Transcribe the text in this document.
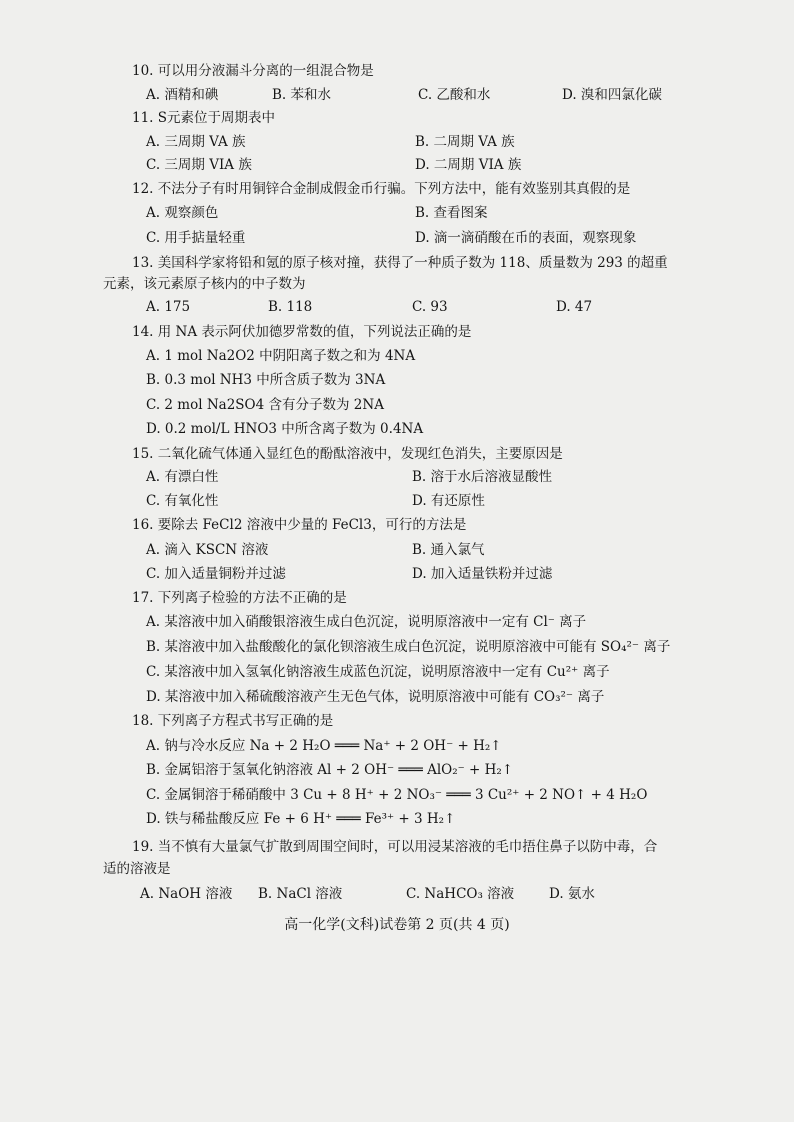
10. 可以用分液漏斗分离的一组混合物是
A. 酒精和碘	B. 苯和水	C. 乙酸和水	D. 溴和四氯化碳
11. S元素位于周期表中
A. 三周期 VA 族	B. 二周期 VA 族
C. 三周期 VIA 族	D. 二周期 VIA 族
12. 不法分子有时用铜锌合金制成假金币行骗。下列方法中，能有效鉴别其真假的是
A. 观察颜色	B. 查看图案
C. 用手掂量轻重	D. 滴一滴硝酸在币的表面，观察现象
13. 美国科学家将铅和氪的原子核对撞，获得了一种质子数为 118、质量数为 293 的超重
元素，该元素原子核内的中子数为
A. 175	B. 118	C. 93	D. 47
14. 用 NA 表示阿伏加德罗常数的值，下列说法正确的是
A. 1 mol Na2O2 中阴阳离子数之和为 4NA
B. 0.3 mol NH3 中所含质子数为 3NA
C. 2 mol Na2SO4 含有分子数为 2NA
D. 0.2 mol/L HNO3 中所含离子数为 0.4NA
15. 二氧化硫气体通入显红色的酚酞溶液中，发现红色消失，主要原因是
A. 有漂白性	B. 溶于水后溶液显酸性
C. 有氧化性	D. 有还原性
16. 要除去 FeCl2 溶液中少量的 FeCl3，可行的方法是
A. 滴入 KSCN 溶液	B. 通入氯气
C. 加入适量铜粉并过滤	D. 加入适量铁粉并过滤
17. 下列离子检验的方法不正确的是
A. 某溶液中加入硝酸银溶液生成白色沉淀，说明原溶液中一定有 Cl⁻ 离子
B. 某溶液中加入盐酸酸化的氯化钡溶液生成白色沉淀，说明原溶液中可能有 SO₄²⁻ 离子
C. 某溶液中加入氢氧化钠溶液生成蓝色沉淀，说明原溶液中一定有 Cu²⁺ 离子
D. 某溶液中加入稀硫酸溶液产生无色气体，说明原溶液中可能有 CO₃²⁻ 离子
18. 下列离子方程式书写正确的是
A. 钠与冷水反应 Na + 2 H₂O ═══ Na⁺ + 2 OH⁻ + H₂↑
B. 金属铝溶于氢氧化钠溶液 Al + 2 OH⁻ ═══ AlO₂⁻ + H₂↑
C. 金属铜溶于稀硝酸中 3 Cu + 8 H⁺ + 2 NO₃⁻ ═══ 3 Cu²⁺ + 2 NO↑ + 4 H₂O
D. 铁与稀盐酸反应 Fe + 6 H⁺ ═══ Fe³⁺ + 3 H₂↑
19. 当不慎有大量氯气扩散到周围空间时，可以用浸某溶液的毛巾捂住鼻子以防中毒，合
适的溶液是
A. NaOH 溶液 B. NaCl 溶液	C. NaHCO₃ 溶液	D. 氨水
高一化学(文科)试卷第 2 页(共 4 页)
